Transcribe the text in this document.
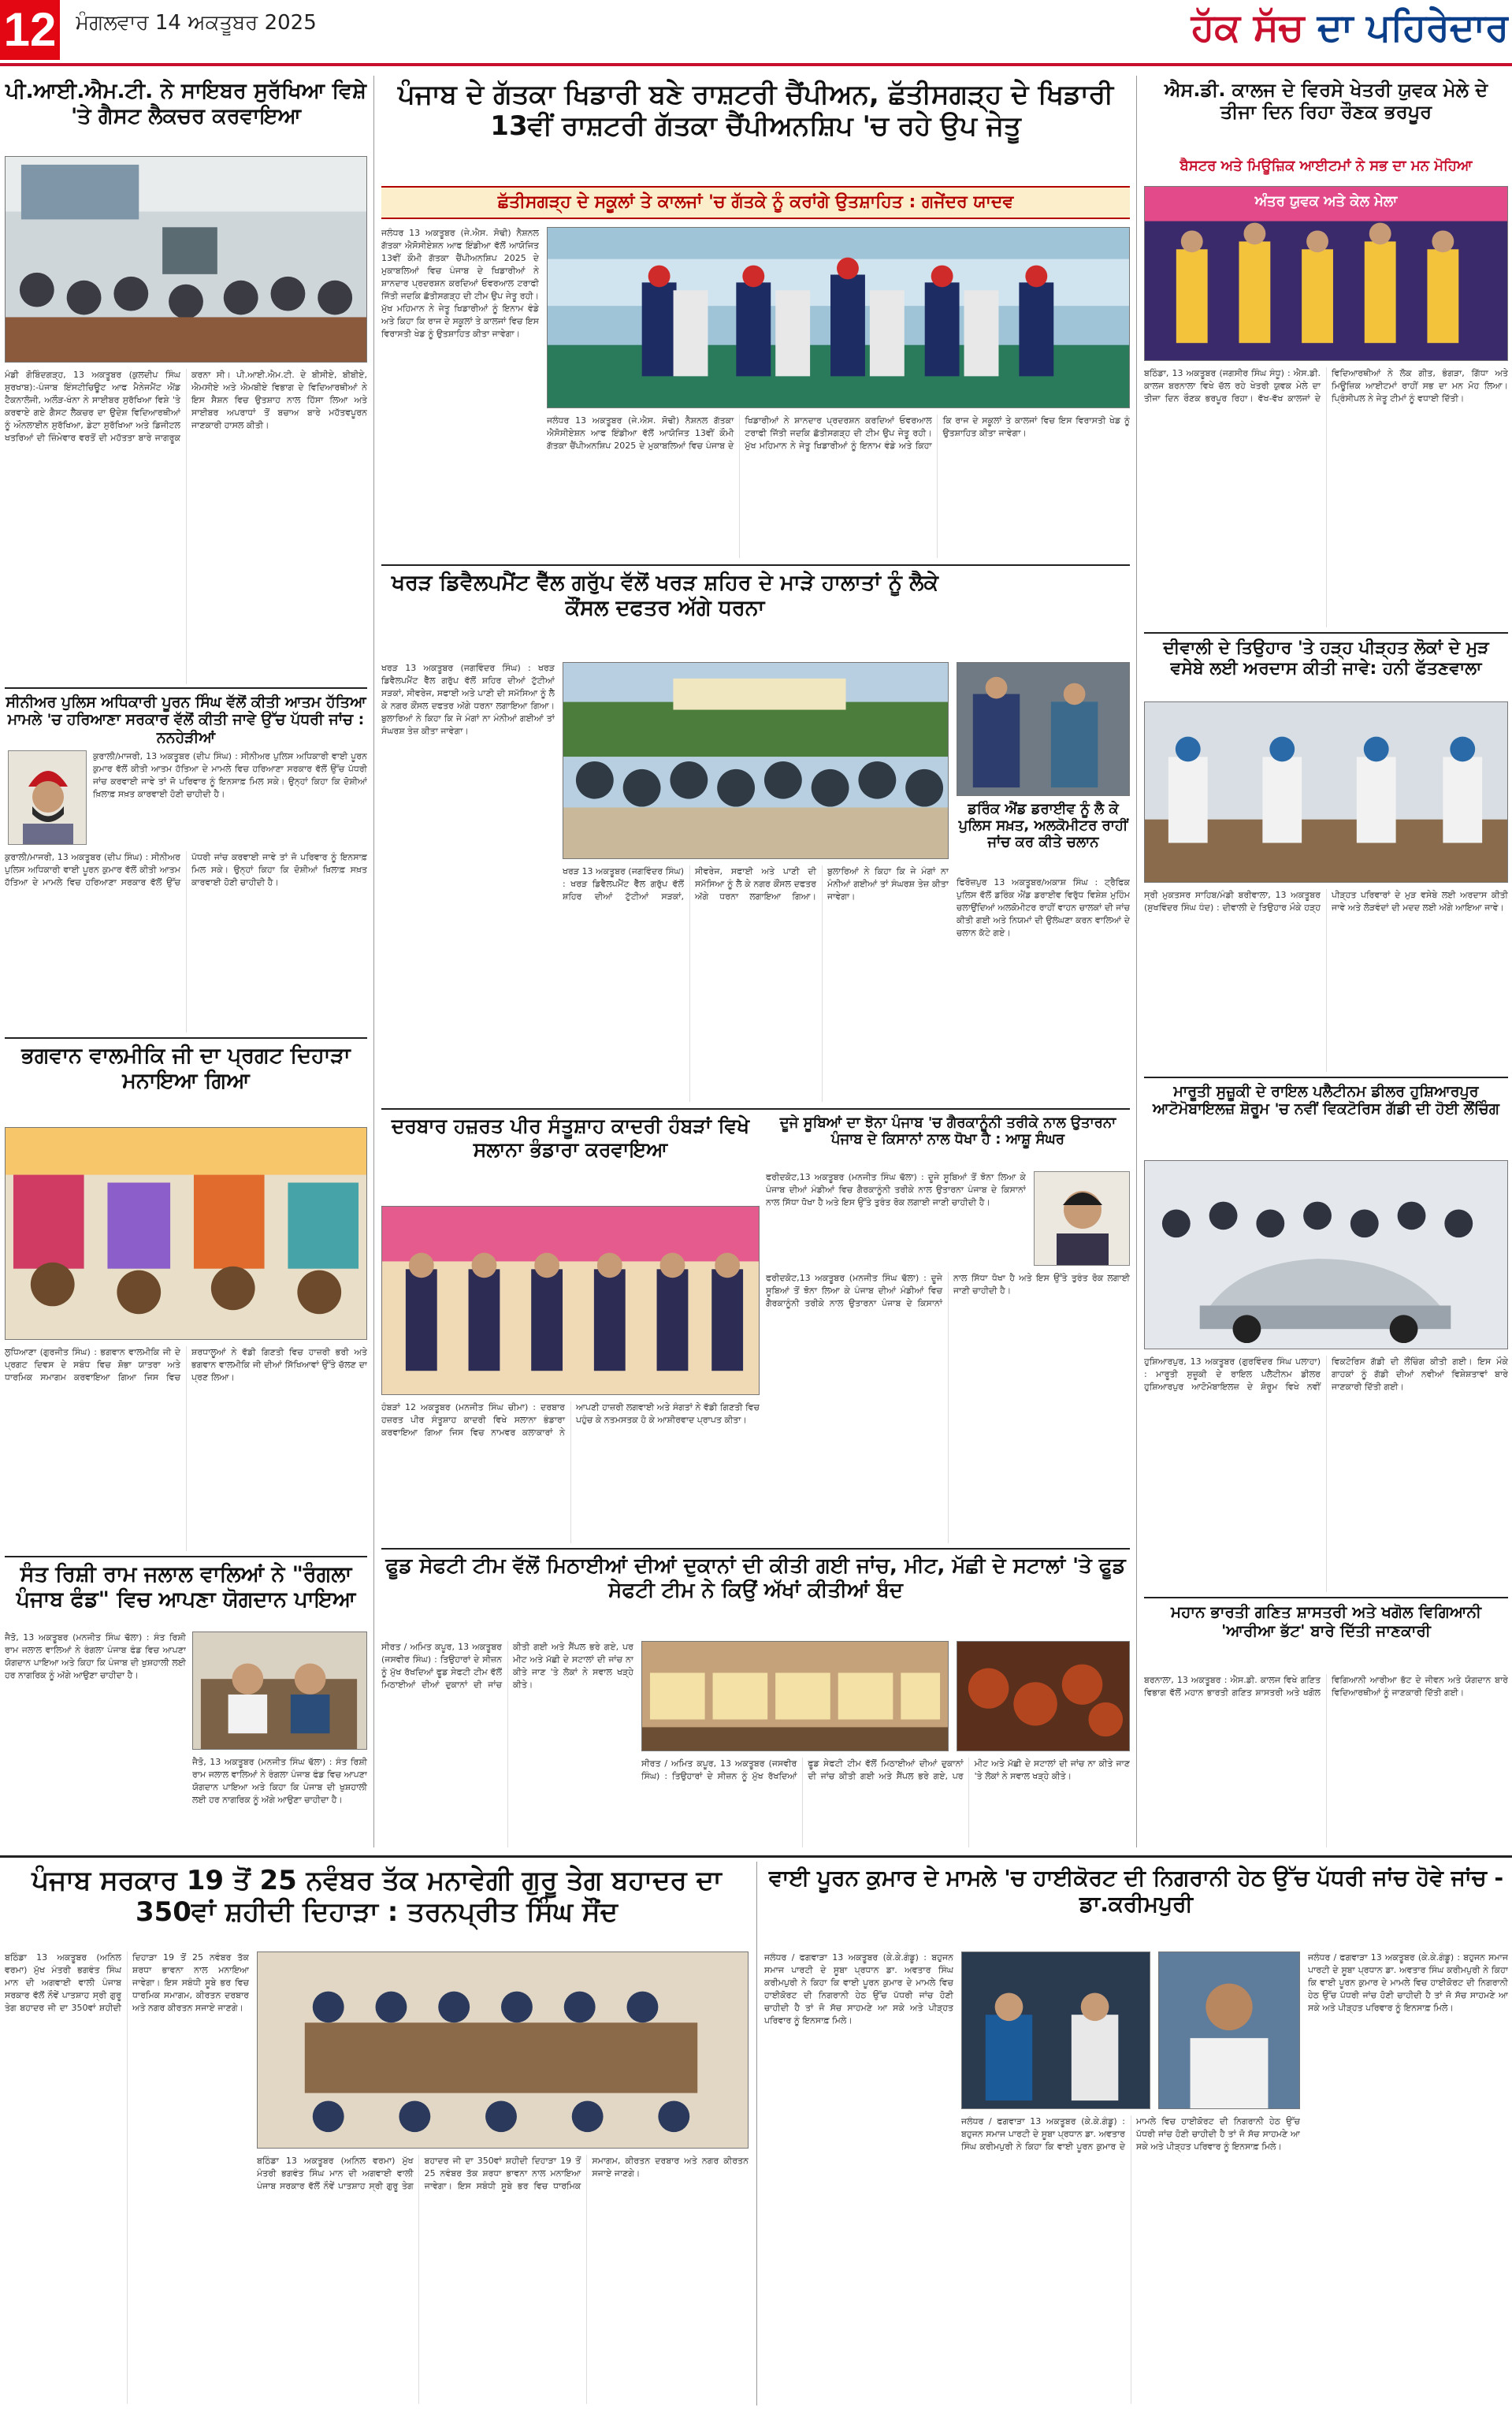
12 ਮੰਗਲਵਾਰ 14 ਅਕਤੂਬਰ 2025	ਹੱਕ ਸੱਚ ਦਾ ਪਹਿਰੇਦਾਰ
ਪੀ.ਆਈ.ਐਮ.ਟੀ. ਨੇ ਸਾਇਬਰ ਸੁਰੱਖਿਆ ਵਿਸ਼ੇ 'ਤੇ ਗੈਸਟ ਲੈਕਚਰ ਕਰਵਾਇਆ
ਮੰਡੀ ਗੋਬਿੰਦਗੜ੍ਹ, 13 ਅਕਤੂਬਰ (ਕੁਲਦੀਪ ਸਿੰਘ ਸੁਰਖਾਬ):-ਪੰਜਾਬ ਇੰਸਟੀਚਿਊਟ ਆਫ ਮੈਨੇਜਮੈਂਟ ਐਂਡ ਟੈਕਨਾਲੋਜੀ, ਅਲੌੜ-ਖੰਨਾ ਨੇ ਸਾਈਬਰ ਸੁਰੱਖਿਆ ਵਿਸ਼ੇ 'ਤੇ ਕਰਵਾਏ ਗਏ ਗੈਸਟ ਲੈਕਚਰ ਦਾ ਉਦੇਸ਼ ਵਿਦਿਆਰਥੀਆਂ ਨੂੰ ਔਨਲਾਈਨ ਸੁਰੱਖਿਆ, ਡੇਟਾ ਸੁਰੱਖਿਆ ਅਤੇ ਡਿਜੀਟਲ ਖਤਰਿਆਂ ਦੀ ਜ਼ਿੰਮੇਵਾਰ ਵਰਤੋਂ ਦੀ ਮਹੱਤਤਾ ਬਾਰੇ ਜਾਗਰੂਕ ਕਰਨਾ ਸੀ। ਪੀ.ਆਈ.ਐਮ.ਟੀ. ਦੇ ਬੀਸੀਏ, ਬੀਬੀਏ, ਐਮਸੀਏ ਅਤੇ ਐਮਬੀਏ ਵਿਭਾਗ ਦੇ ਵਿਦਿਆਰਥੀਆਂ ਨੇ ਇਸ ਸੈਸ਼ਨ ਵਿਚ ਉਤਸ਼ਾਹ ਨਾਲ ਹਿੱਸਾ ਲਿਆ ਅਤੇ ਸਾਈਬਰ ਅਪਰਾਧਾਂ ਤੋਂ ਬਚਾਅ ਬਾਰੇ ਮਹੱਤਵਪੂਰਨ ਜਾਣਕਾਰੀ ਹਾਸਲ ਕੀਤੀ।
ਸੀਨੀਅਰ ਪੁਲਿਸ ਅਧਿਕਾਰੀ ਪੂਰਨ ਸਿੰਘ ਵੱਲੋਂ ਕੀਤੀ ਆਤਮ ਹੱਤਿਆ ਮਾਮਲੇ 'ਚ ਹਰਿਆਣਾ ਸਰਕਾਰ ਵੱਲੋਂ ਕੀਤੀ ਜਾਵੇ ਉੱਚ ਪੱਧਰੀ ਜਾਂਚ : ਨਨਹੇੜੀਆਂ
ਕੁਰਾਲੀ/ਮਾਜਰੀ, 13 ਅਕਤੂਬਰ (ਦੀਪ ਸਿੰਘ) : ਸੀਨੀਅਰ ਪੁਲਿਸ ਅਧਿਕਾਰੀ ਵਾਈ ਪੂਰਨ ਕੁਮਾਰ ਵੱਲੋਂ ਕੀਤੀ ਆਤਮ ਹੱਤਿਆ ਦੇ ਮਾਮਲੇ ਵਿਚ ਹਰਿਆਣਾ ਸਰਕਾਰ ਵੱਲੋਂ ਉੱਚ ਪੱਧਰੀ ਜਾਂਚ ਕਰਵਾਈ ਜਾਵੇ ਤਾਂ ਜੋ ਪਰਿਵਾਰ ਨੂੰ ਇਨਸਾਫ਼ ਮਿਲ ਸਕੇ। ਉਨ੍ਹਾਂ ਕਿਹਾ ਕਿ ਦੋਸ਼ੀਆਂ ਖ਼ਿਲਾਫ਼ ਸਖ਼ਤ ਕਾਰਵਾਈ ਹੋਣੀ ਚਾਹੀਦੀ ਹੈ।
ਕੁਰਾਲੀ/ਮਾਜਰੀ, 13 ਅਕਤੂਬਰ (ਦੀਪ ਸਿੰਘ) : ਸੀਨੀਅਰ ਪੁਲਿਸ ਅਧਿਕਾਰੀ ਵਾਈ ਪੂਰਨ ਕੁਮਾਰ ਵੱਲੋਂ ਕੀਤੀ ਆਤਮ ਹੱਤਿਆ ਦੇ ਮਾਮਲੇ ਵਿਚ ਹਰਿਆਣਾ ਸਰਕਾਰ ਵੱਲੋਂ ਉੱਚ ਪੱਧਰੀ ਜਾਂਚ ਕਰਵਾਈ ਜਾਵੇ ਤਾਂ ਜੋ ਪਰਿਵਾਰ ਨੂੰ ਇਨਸਾਫ਼ ਮਿਲ ਸਕੇ। ਉਨ੍ਹਾਂ ਕਿਹਾ ਕਿ ਦੋਸ਼ੀਆਂ ਖ਼ਿਲਾਫ਼ ਸਖ਼ਤ ਕਾਰਵਾਈ ਹੋਣੀ ਚਾਹੀਦੀ ਹੈ।
ਭਗਵਾਨ ਵਾਲਮੀਕਿ ਜੀ ਦਾ ਪ੍ਰਗਟ ਦਿਹਾੜਾ ਮਨਾਇਆ ਗਿਆ
ਲੁਧਿਆਣਾ (ਗੁਰਜੀਤ ਸਿੰਘ) : ਭਗਵਾਨ ਵਾਲਮੀਕਿ ਜੀ ਦੇ ਪ੍ਰਗਟ ਦਿਵਸ ਦੇ ਸਬੰਧ ਵਿਚ ਸ਼ੋਭਾ ਯਾਤਰਾ ਅਤੇ ਧਾਰਮਿਕ ਸਮਾਗਮ ਕਰਵਾਇਆ ਗਿਆ ਜਿਸ ਵਿਚ ਸ਼ਰਧਾਲੂਆਂ ਨੇ ਵੱਡੀ ਗਿਣਤੀ ਵਿਚ ਹਾਜ਼ਰੀ ਭਰੀ ਅਤੇ ਭਗਵਾਨ ਵਾਲਮੀਕਿ ਜੀ ਦੀਆਂ ਸਿੱਖਿਆਵਾਂ ਉੱਤੇ ਚੱਲਣ ਦਾ ਪ੍ਰਣ ਲਿਆ।
ਸੰਤ ਰਿਸ਼ੀ ਰਾਮ ਜਲਾਲ ਵਾਲਿਆਂ ਨੇ "ਰੰਗਲਾ ਪੰਜਾਬ ਫੰਡ" ਵਿਚ ਆਪਣਾ ਯੋਗਦਾਨ ਪਾਇਆ
ਜੈਤੋ, 13 ਅਕਤੂਬਰ (ਮਨਜੀਤ ਸਿੰਘ ਢੱਲਾ) : ਸੰਤ ਰਿਸ਼ੀ ਰਾਮ ਜਲਾਲ ਵਾਲਿਆਂ ਨੇ ਰੰਗਲਾ ਪੰਜਾਬ ਫੰਡ ਵਿਚ ਆਪਣਾ ਯੋਗਦਾਨ ਪਾਇਆ ਅਤੇ ਕਿਹਾ ਕਿ ਪੰਜਾਬ ਦੀ ਖੁਸ਼ਹਾਲੀ ਲਈ ਹਰ ਨਾਗਰਿਕ ਨੂੰ ਅੱਗੇ ਆਉਣਾ ਚਾਹੀਦਾ ਹੈ।
ਜੈਤੋ, 13 ਅਕਤੂਬਰ (ਮਨਜੀਤ ਸਿੰਘ ਢੱਲਾ) : ਸੰਤ ਰਿਸ਼ੀ ਰਾਮ ਜਲਾਲ ਵਾਲਿਆਂ ਨੇ ਰੰਗਲਾ ਪੰਜਾਬ ਫੰਡ ਵਿਚ ਆਪਣਾ ਯੋਗਦਾਨ ਪਾਇਆ ਅਤੇ ਕਿਹਾ ਕਿ ਪੰਜਾਬ ਦੀ ਖੁਸ਼ਹਾਲੀ ਲਈ ਹਰ ਨਾਗਰਿਕ ਨੂੰ ਅੱਗੇ ਆਉਣਾ ਚਾਹੀਦਾ ਹੈ।
ਪੰਜਾਬ ਦੇ ਗੱਤਕਾ ਖਿਡਾਰੀ ਬਣੇ ਰਾਸ਼ਟਰੀ ਚੈਂਪੀਅਨ, ਛੱਤੀਸਗੜ੍ਹ ਦੇ ਖਿਡਾਰੀ 13ਵੀਂ ਰਾਸ਼ਟਰੀ ਗੱਤਕਾ ਚੈਂਪੀਅਨਸ਼ਿਪ 'ਚ ਰਹੇ ਉਪ ਜੇਤੂ
ਛੱਤੀਸਗੜ੍ਹ ਦੇ ਸਕੂਲਾਂ ਤੇ ਕਾਲਜਾਂ 'ਚ ਗੱਤਕੇ ਨੂੰ ਕਰਾਂਗੇ ਉਤਸ਼ਾਹਿਤ : ਗਜੇਂਦਰ ਯਾਦਵ
ਜਲੰਧਰ 13 ਅਕਤੂਬਰ (ਜੇ.ਐਸ. ਸੋਢੀ) ਨੈਸ਼ਨਲ ਗੱਤਕਾ ਐਸੋਸੀਏਸ਼ਨ ਆਫ ਇੰਡੀਆ ਵੱਲੋਂ ਆਯੋਜਿਤ 13ਵੀਂ ਕੌਮੀ ਗੱਤਕਾ ਚੈਂਪੀਅਨਸ਼ਿਪ 2025 ਦੇ ਮੁਕਾਬਲਿਆਂ ਵਿਚ ਪੰਜਾਬ ਦੇ ਖਿਡਾਰੀਆਂ ਨੇ ਸ਼ਾਨਦਾਰ ਪ੍ਰਦਰਸ਼ਨ ਕਰਦਿਆਂ ਓਵਰਆਲ ਟਰਾਫੀ ਜਿੱਤੀ ਜਦਕਿ ਛੱਤੀਸਗੜ੍ਹ ਦੀ ਟੀਮ ਉਪ ਜੇਤੂ ਰਹੀ। ਮੁੱਖ ਮਹਿਮਾਨ ਨੇ ਜੇਤੂ ਖਿਡਾਰੀਆਂ ਨੂੰ ਇਨਾਮ ਵੰਡੇ ਅਤੇ ਕਿਹਾ ਕਿ ਰਾਜ ਦੇ ਸਕੂਲਾਂ ਤੇ ਕਾਲਜਾਂ ਵਿਚ ਇਸ ਵਿਰਾਸਤੀ ਖੇਡ ਨੂੰ ਉਤਸ਼ਾਹਿਤ ਕੀਤਾ ਜਾਵੇਗਾ।
ਜਲੰਧਰ 13 ਅਕਤੂਬਰ (ਜੇ.ਐਸ. ਸੋਢੀ) ਨੈਸ਼ਨਲ ਗੱਤਕਾ ਐਸੋਸੀਏਸ਼ਨ ਆਫ ਇੰਡੀਆ ਵੱਲੋਂ ਆਯੋਜਿਤ 13ਵੀਂ ਕੌਮੀ ਗੱਤਕਾ ਚੈਂਪੀਅਨਸ਼ਿਪ 2025 ਦੇ ਮੁਕਾਬਲਿਆਂ ਵਿਚ ਪੰਜਾਬ ਦੇ ਖਿਡਾਰੀਆਂ ਨੇ ਸ਼ਾਨਦਾਰ ਪ੍ਰਦਰਸ਼ਨ ਕਰਦਿਆਂ ਓਵਰਆਲ ਟਰਾਫੀ ਜਿੱਤੀ ਜਦਕਿ ਛੱਤੀਸਗੜ੍ਹ ਦੀ ਟੀਮ ਉਪ ਜੇਤੂ ਰਹੀ। ਮੁੱਖ ਮਹਿਮਾਨ ਨੇ ਜੇਤੂ ਖਿਡਾਰੀਆਂ ਨੂੰ ਇਨਾਮ ਵੰਡੇ ਅਤੇ ਕਿਹਾ ਕਿ ਰਾਜ ਦੇ ਸਕੂਲਾਂ ਤੇ ਕਾਲਜਾਂ ਵਿਚ ਇਸ ਵਿਰਾਸਤੀ ਖੇਡ ਨੂੰ ਉਤਸ਼ਾਹਿਤ ਕੀਤਾ ਜਾਵੇਗਾ।
ਖਰੜ ਡਿਵੈਲਪਮੈਂਟ ਵੈੱਲ ਗਰੁੱਪ ਵੱਲੋਂ ਖਰੜ ਸ਼ਹਿਰ ਦੇ ਮਾੜੇ ਹਾਲਾਤਾਂ ਨੂੰ ਲੈਕੇ ਕੌਂਸਲ ਦਫਤਰ ਅੱਗੇ ਧਰਨਾ
ਖਰੜ 13 ਅਕਤੂਬਰ (ਜਗਵਿੰਦਰ ਸਿੰਘ) : ਖਰੜ ਡਿਵੈਲਪਮੈਂਟ ਵੈੱਲ ਗਰੁੱਪ ਵੱਲੋਂ ਸ਼ਹਿਰ ਦੀਆਂ ਟੁੱਟੀਆਂ ਸੜਕਾਂ, ਸੀਵਰੇਜ, ਸਫਾਈ ਅਤੇ ਪਾਣੀ ਦੀ ਸਮੱਸਿਆ ਨੂੰ ਲੈ ਕੇ ਨਗਰ ਕੌਂਸਲ ਦਫਤਰ ਅੱਗੇ ਧਰਨਾ ਲਗਾਇਆ ਗਿਆ। ਬੁਲਾਰਿਆਂ ਨੇ ਕਿਹਾ ਕਿ ਜੇ ਮੰਗਾਂ ਨਾ ਮੰਨੀਆਂ ਗਈਆਂ ਤਾਂ ਸੰਘਰਸ਼ ਤੇਜ਼ ਕੀਤਾ ਜਾਵੇਗਾ।
ਖਰੜ 13 ਅਕਤੂਬਰ (ਜਗਵਿੰਦਰ ਸਿੰਘ) : ਖਰੜ ਡਿਵੈਲਪਮੈਂਟ ਵੈੱਲ ਗਰੁੱਪ ਵੱਲੋਂ ਸ਼ਹਿਰ ਦੀਆਂ ਟੁੱਟੀਆਂ ਸੜਕਾਂ, ਸੀਵਰੇਜ, ਸਫਾਈ ਅਤੇ ਪਾਣੀ ਦੀ ਸਮੱਸਿਆ ਨੂੰ ਲੈ ਕੇ ਨਗਰ ਕੌਂਸਲ ਦਫਤਰ ਅੱਗੇ ਧਰਨਾ ਲਗਾਇਆ ਗਿਆ। ਬੁਲਾਰਿਆਂ ਨੇ ਕਿਹਾ ਕਿ ਜੇ ਮੰਗਾਂ ਨਾ ਮੰਨੀਆਂ ਗਈਆਂ ਤਾਂ ਸੰਘਰਸ਼ ਤੇਜ਼ ਕੀਤਾ ਜਾਵੇਗਾ।
ਡਰਿੰਕ ਐਂਡ ਡਰਾਈਵ ਨੂੰ ਲੈ ਕੇ ਪੁਲਿਸ ਸਖ਼ਤ, ਅਲਕੋਮੀਟਰ ਰਾਹੀਂ ਜਾਂਚ ਕਰ ਕੀਤੇ ਚਲਾਨ
ਫਿਰੋਜ਼ਪੁਰ 13 ਅਕਤੂਬਰ/ਅਕਾਸ਼ ਸਿੰਘ : ਟ੍ਰੈਫਿਕ ਪੁਲਿਸ ਵੱਲੋਂ ਡਰਿੰਕ ਐਂਡ ਡਰਾਈਵ ਵਿਰੁੱਧ ਵਿਸ਼ੇਸ਼ ਮੁਹਿੰਮ ਚਲਾਉਂਦਿਆਂ ਅਲਕੋਮੀਟਰ ਰਾਹੀਂ ਵਾਹਨ ਚਾਲਕਾਂ ਦੀ ਜਾਂਚ ਕੀਤੀ ਗਈ ਅਤੇ ਨਿਯਮਾਂ ਦੀ ਉਲੰਘਣਾ ਕਰਨ ਵਾਲਿਆਂ ਦੇ ਚਲਾਨ ਕੱਟੇ ਗਏ।
ਦਰਬਾਰ ਹਜ਼ਰਤ ਪੀਰ ਸੰਤੂਸ਼ਾਹ ਕਾਦਰੀ ਹੰਬੜਾਂ ਵਿਖੇ ਸਲਾਨਾ ਭੰਡਾਰਾ ਕਰਵਾਇਆ
ਹੰਬੜਾਂ 12 ਅਕਤੂਬਰ (ਮਨਜੀਤ ਸਿੰਘ ਚੀਮਾ) : ਦਰਬਾਰ ਹਜ਼ਰਤ ਪੀਰ ਸੰਤੂਸ਼ਾਹ ਕਾਦਰੀ ਵਿਖੇ ਸਲਾਨਾ ਭੰਡਾਰਾ ਕਰਵਾਇਆ ਗਿਆ ਜਿਸ ਵਿਚ ਨਾਮਵਰ ਕਲਾਕਾਰਾਂ ਨੇ ਆਪਣੀ ਹਾਜ਼ਰੀ ਲਗਵਾਈ ਅਤੇ ਸੰਗਤਾਂ ਨੇ ਵੱਡੀ ਗਿਣਤੀ ਵਿਚ ਪਹੁੰਚ ਕੇ ਨਤਮਸਤਕ ਹੋ ਕੇ ਆਸ਼ੀਰਵਾਦ ਪ੍ਰਾਪਤ ਕੀਤਾ।
ਦੂਜੇ ਸੂਬਿਆਂ ਦਾ ਝੋਨਾ ਪੰਜਾਬ 'ਚ ਗੈਰਕਾਨੂੰਨੀ ਤਰੀਕੇ ਨਾਲ ਉਤਾਰਨਾ ਪੰਜਾਬ ਦੇ ਕਿਸਾਨਾਂ ਨਾਲ ਧੋਖਾ ਹੈ : ਆਸ਼ੂ ਸੰਘਰ
ਫਰੀਦਕੋਟ,13 ਅਕਤੂਬਰ (ਮਨਜੀਤ ਸਿੰਘ ਢੱਲਾ) : ਦੂਜੇ ਸੂਬਿਆਂ ਤੋਂ ਝੋਨਾ ਲਿਆ ਕੇ ਪੰਜਾਬ ਦੀਆਂ ਮੰਡੀਆਂ ਵਿਚ ਗੈਰਕਾਨੂੰਨੀ ਤਰੀਕੇ ਨਾਲ ਉਤਾਰਨਾ ਪੰਜਾਬ ਦੇ ਕਿਸਾਨਾਂ ਨਾਲ ਸਿੱਧਾ ਧੋਖਾ ਹੈ ਅਤੇ ਇਸ ਉੱਤੇ ਤੁਰੰਤ ਰੋਕ ਲਗਾਈ ਜਾਣੀ ਚਾਹੀਦੀ ਹੈ।
ਫਰੀਦਕੋਟ,13 ਅਕਤੂਬਰ (ਮਨਜੀਤ ਸਿੰਘ ਢੱਲਾ) : ਦੂਜੇ ਸੂਬਿਆਂ ਤੋਂ ਝੋਨਾ ਲਿਆ ਕੇ ਪੰਜਾਬ ਦੀਆਂ ਮੰਡੀਆਂ ਵਿਚ ਗੈਰਕਾਨੂੰਨੀ ਤਰੀਕੇ ਨਾਲ ਉਤਾਰਨਾ ਪੰਜਾਬ ਦੇ ਕਿਸਾਨਾਂ ਨਾਲ ਸਿੱਧਾ ਧੋਖਾ ਹੈ ਅਤੇ ਇਸ ਉੱਤੇ ਤੁਰੰਤ ਰੋਕ ਲਗਾਈ ਜਾਣੀ ਚਾਹੀਦੀ ਹੈ।
ਫੂਡ ਸੇਫਟੀ ਟੀਮ ਵੱਲੋਂ ਮਿਠਾਈਆਂ ਦੀਆਂ ਦੁਕਾਨਾਂ ਦੀ ਕੀਤੀ ਗਈ ਜਾਂਚ, ਮੀਟ, ਮੱਛੀ ਦੇ ਸਟਾਲਾਂ 'ਤੇ ਫੂਡ ਸੇਫਟੀ ਟੀਮ ਨੇ ਕਿਉਂ ਅੱਖਾਂ ਕੀਤੀਆਂ ਬੰਦ
ਸੀਰਤ / ਅਮਿਤ ਕਪੂਰ, 13 ਅਕਤੂਬਰ (ਜਸਵੀਰ ਸਿੰਘ) : ਤਿਉਹਾਰਾਂ ਦੇ ਸੀਜ਼ਨ ਨੂੰ ਮੁੱਖ ਰੱਖਦਿਆਂ ਫੂਡ ਸੇਫਟੀ ਟੀਮ ਵੱਲੋਂ ਮਿਠਾਈਆਂ ਦੀਆਂ ਦੁਕਾਨਾਂ ਦੀ ਜਾਂਚ ਕੀਤੀ ਗਈ ਅਤੇ ਸੈਂਪਲ ਭਰੇ ਗਏ, ਪਰ ਮੀਟ ਅਤੇ ਮੱਛੀ ਦੇ ਸਟਾਲਾਂ ਦੀ ਜਾਂਚ ਨਾ ਕੀਤੇ ਜਾਣ 'ਤੇ ਲੋਕਾਂ ਨੇ ਸਵਾਲ ਖੜ੍ਹੇ ਕੀਤੇ।
ਸੀਰਤ / ਅਮਿਤ ਕਪੂਰ, 13 ਅਕਤੂਬਰ (ਜਸਵੀਰ ਸਿੰਘ) : ਤਿਉਹਾਰਾਂ ਦੇ ਸੀਜ਼ਨ ਨੂੰ ਮੁੱਖ ਰੱਖਦਿਆਂ ਫੂਡ ਸੇਫਟੀ ਟੀਮ ਵੱਲੋਂ ਮਿਠਾਈਆਂ ਦੀਆਂ ਦੁਕਾਨਾਂ ਦੀ ਜਾਂਚ ਕੀਤੀ ਗਈ ਅਤੇ ਸੈਂਪਲ ਭਰੇ ਗਏ, ਪਰ ਮੀਟ ਅਤੇ ਮੱਛੀ ਦੇ ਸਟਾਲਾਂ ਦੀ ਜਾਂਚ ਨਾ ਕੀਤੇ ਜਾਣ 'ਤੇ ਲੋਕਾਂ ਨੇ ਸਵਾਲ ਖੜ੍ਹੇ ਕੀਤੇ।
ਐਸ.ਡੀ. ਕਾਲਜ ਦੇ ਵਿਰਸੇ ਖੇਤਰੀ ਯੁਵਕ ਮੇਲੇ ਦੇ ਤੀਜਾ ਦਿਨ ਰਿਹਾ ਰੌਣਕ ਭਰਪੂਰ
ਬੈਸਟਰ ਅਤੇ ਮਿਊਜ਼ਿਕ ਆਈਟਮਾਂ ਨੇ ਸਭ ਦਾ ਮਨ ਮੋਹਿਆ
ਅੰਤਰ ਯੁਵਕ ਅਤੇ ਕੇਲ ਮੇਲਾ
ਬਠਿੰਡਾ, 13 ਅਕਤੂਬਰ (ਜਗਸੀਰ ਸਿੰਘ ਸੰਧੂ) : ਐਸ.ਡੀ. ਕਾਲਜ ਬਰਨਾਲਾ ਵਿਖੇ ਚੱਲ ਰਹੇ ਖੇਤਰੀ ਯੁਵਕ ਮੇਲੇ ਦਾ ਤੀਜਾ ਦਿਨ ਰੌਣਕ ਭਰਪੂਰ ਰਿਹਾ। ਵੱਖ-ਵੱਖ ਕਾਲਜਾਂ ਦੇ ਵਿਦਿਆਰਥੀਆਂ ਨੇ ਲੋਕ ਗੀਤ, ਭੰਗੜਾ, ਗਿੱਧਾ ਅਤੇ ਮਿਊਜ਼ਿਕ ਆਈਟਮਾਂ ਰਾਹੀਂ ਸਭ ਦਾ ਮਨ ਮੋਹ ਲਿਆ। ਪ੍ਰਿੰਸੀਪਲ ਨੇ ਜੇਤੂ ਟੀਮਾਂ ਨੂੰ ਵਧਾਈ ਦਿੱਤੀ।
ਦੀਵਾਲੀ ਦੇ ਤਿਉਹਾਰ 'ਤੇ ਹੜ੍ਹ ਪੀੜ੍ਹਤ ਲੋਕਾਂ ਦੇ ਮੁੜ ਵਸੇਬੇ ਲਈ ਅਰਦਾਸ ਕੀਤੀ ਜਾਵੇ: ਹਨੀ ਫੱਤਣਵਾਲਾ
ਸ੍ਰੀ ਮੁਕਤਸਰ ਸਾਹਿਬ/ਮੰਡੀ ਬਰੀਵਾਲਾ, 13 ਅਕਤੂਬਰ (ਸੁਖਵਿੰਦਰ ਸਿੰਘ ਧੰਦ) : ਦੀਵਾਲੀ ਦੇ ਤਿਉਹਾਰ ਮੌਕੇ ਹੜ੍ਹ ਪੀੜ੍ਹਤ ਪਰਿਵਾਰਾਂ ਦੇ ਮੁੜ ਵਸੇਬੇ ਲਈ ਅਰਦਾਸ ਕੀਤੀ ਜਾਵੇ ਅਤੇ ਲੋੜਵੰਦਾਂ ਦੀ ਮਦਦ ਲਈ ਅੱਗੇ ਆਇਆ ਜਾਵੇ।
ਮਾਰੂਤੀ ਸੁਜ਼ੂਕੀ ਦੇ ਰਾਇਲ ਪਲੈਟੀਨਮ ਡੀਲਰ ਹੁਸ਼ਿਆਰਪੁਰ ਆਟੋਮੋਬਾਇਲਜ਼ ਸ਼ੋਰੂਮ 'ਚ ਨਵੀਂ ਵਿਕਟੋਰਿਸ ਗੱਡੀ ਦੀ ਹੋਈ ਲੌਂਚਿੰਗ
ਹੁਸ਼ਿਆਰਪੁਰ, 13 ਅਕਤੂਬਰ (ਗੁਰਵਿੰਦਰ ਸਿੰਘ ਪਲਾਹਾ) : ਮਾਰੂਤੀ ਸੁਜ਼ੂਕੀ ਦੇ ਰਾਇਲ ਪਲੈਟੀਨਮ ਡੀਲਰ ਹੁਸ਼ਿਆਰਪੁਰ ਆਟੋਮੋਬਾਇਲਜ਼ ਦੇ ਸ਼ੋਰੂਮ ਵਿਖੇ ਨਵੀਂ ਵਿਕਟੋਰਿਸ ਗੱਡੀ ਦੀ ਲੌਂਚਿੰਗ ਕੀਤੀ ਗਈ। ਇਸ ਮੌਕੇ ਗਾਹਕਾਂ ਨੂੰ ਗੱਡੀ ਦੀਆਂ ਨਵੀਆਂ ਵਿਸ਼ੇਸ਼ਤਾਵਾਂ ਬਾਰੇ ਜਾਣਕਾਰੀ ਦਿੱਤੀ ਗਈ।
ਮਹਾਨ ਭਾਰਤੀ ਗਣਿਤ ਸ਼ਾਸਤਰੀ ਅਤੇ ਖਗੋਲ ਵਿਗਿਆਨੀ 'ਆਰੀਆ ਭੱਟ' ਬਾਰੇ ਦਿੱਤੀ ਜਾਣਕਾਰੀ
ਬਰਨਾਲਾ, 13 ਅਕਤੂਬਰ : ਐਸ.ਡੀ. ਕਾਲਜ ਵਿਖੇ ਗਣਿਤ ਵਿਭਾਗ ਵੱਲੋਂ ਮਹਾਨ ਭਾਰਤੀ ਗਣਿਤ ਸ਼ਾਸਤਰੀ ਅਤੇ ਖਗੋਲ ਵਿਗਿਆਨੀ ਆਰੀਆ ਭੱਟ ਦੇ ਜੀਵਨ ਅਤੇ ਯੋਗਦਾਨ ਬਾਰੇ ਵਿਦਿਆਰਥੀਆਂ ਨੂੰ ਜਾਣਕਾਰੀ ਦਿੱਤੀ ਗਈ।
ਪੰਜਾਬ ਸਰਕਾਰ 19 ਤੋਂ 25 ਨਵੰਬਰ ਤੱਕ ਮਨਾਵੇਗੀ ਗੁਰੂ ਤੇਗ ਬਹਾਦਰ ਦਾ 350ਵਾਂ ਸ਼ਹੀਦੀ ਦਿਹਾੜਾ : ਤਰਨਪ੍ਰੀਤ ਸਿੰਘ ਸੌਂਦ
ਬਠਿੰਡਾ 13 ਅਕਤੂਬਰ (ਅਨਿਲ ਵਰਮਾ) ਮੁੱਖ ਮੰਤਰੀ ਭਗਵੰਤ ਸਿੰਘ ਮਾਨ ਦੀ ਅਗਵਾਈ ਵਾਲੀ ਪੰਜਾਬ ਸਰਕਾਰ ਵੱਲੋਂ ਨੌਵੇਂ ਪਾਤਸ਼ਾਹ ਸ੍ਰੀ ਗੁਰੂ ਤੇਗ ਬਹਾਦਰ ਜੀ ਦਾ 350ਵਾਂ ਸ਼ਹੀਦੀ ਦਿਹਾੜਾ 19 ਤੋਂ 25 ਨਵੰਬਰ ਤੱਕ ਸ਼ਰਧਾ ਭਾਵਨਾ ਨਾਲ ਮਨਾਇਆ ਜਾਵੇਗਾ। ਇਸ ਸਬੰਧੀ ਸੂਬੇ ਭਰ ਵਿਚ ਧਾਰਮਿਕ ਸਮਾਗਮ, ਕੀਰਤਨ ਦਰਬਾਰ ਅਤੇ ਨਗਰ ਕੀਰਤਨ ਸਜਾਏ ਜਾਣਗੇ।
ਬਠਿੰਡਾ 13 ਅਕਤੂਬਰ (ਅਨਿਲ ਵਰਮਾ) ਮੁੱਖ ਮੰਤਰੀ ਭਗਵੰਤ ਸਿੰਘ ਮਾਨ ਦੀ ਅਗਵਾਈ ਵਾਲੀ ਪੰਜਾਬ ਸਰਕਾਰ ਵੱਲੋਂ ਨੌਵੇਂ ਪਾਤਸ਼ਾਹ ਸ੍ਰੀ ਗੁਰੂ ਤੇਗ ਬਹਾਦਰ ਜੀ ਦਾ 350ਵਾਂ ਸ਼ਹੀਦੀ ਦਿਹਾੜਾ 19 ਤੋਂ 25 ਨਵੰਬਰ ਤੱਕ ਸ਼ਰਧਾ ਭਾਵਨਾ ਨਾਲ ਮਨਾਇਆ ਜਾਵੇਗਾ। ਇਸ ਸਬੰਧੀ ਸੂਬੇ ਭਰ ਵਿਚ ਧਾਰਮਿਕ ਸਮਾਗਮ, ਕੀਰਤਨ ਦਰਬਾਰ ਅਤੇ ਨਗਰ ਕੀਰਤਨ ਸਜਾਏ ਜਾਣਗੇ।
ਵਾਈ ਪੂਰਨ ਕੁਮਾਰ ਦੇ ਮਾਮਲੇ 'ਚ ਹਾਈਕੋਰਟ ਦੀ ਨਿਗਰਾਨੀ ਹੇਠ ਉੱਚ ਪੱਧਰੀ ਜਾਂਚ ਹੋਵੇ ਜਾਂਚ - ਡਾ.ਕਰੀਮਪੁਰੀ
ਜਲੰਧਰ / ਫਗਵਾੜਾ 13 ਅਕਤੂਬਰ (ਕੇ.ਕੇ.ਗੰਡੂ) : ਬਹੁਜਨ ਸਮਾਜ ਪਾਰਟੀ ਦੇ ਸੂਬਾ ਪ੍ਰਧਾਨ ਡਾ. ਅਵਤਾਰ ਸਿੰਘ ਕਰੀਮਪੁਰੀ ਨੇ ਕਿਹਾ ਕਿ ਵਾਈ ਪੂਰਨ ਕੁਮਾਰ ਦੇ ਮਾਮਲੇ ਵਿਚ ਹਾਈਕੋਰਟ ਦੀ ਨਿਗਰਾਨੀ ਹੇਠ ਉੱਚ ਪੱਧਰੀ ਜਾਂਚ ਹੋਣੀ ਚਾਹੀਦੀ ਹੈ ਤਾਂ ਜੋ ਸੱਚ ਸਾਹਮਣੇ ਆ ਸਕੇ ਅਤੇ ਪੀੜ੍ਹਤ ਪਰਿਵਾਰ ਨੂੰ ਇਨਸਾਫ਼ ਮਿਲੇ।
ਜਲੰਧਰ / ਫਗਵਾੜਾ 13 ਅਕਤੂਬਰ (ਕੇ.ਕੇ.ਗੰਡੂ) : ਬਹੁਜਨ ਸਮਾਜ ਪਾਰਟੀ ਦੇ ਸੂਬਾ ਪ੍ਰਧਾਨ ਡਾ. ਅਵਤਾਰ ਸਿੰਘ ਕਰੀਮਪੁਰੀ ਨੇ ਕਿਹਾ ਕਿ ਵਾਈ ਪੂਰਨ ਕੁਮਾਰ ਦੇ ਮਾਮਲੇ ਵਿਚ ਹਾਈਕੋਰਟ ਦੀ ਨਿਗਰਾਨੀ ਹੇਠ ਉੱਚ ਪੱਧਰੀ ਜਾਂਚ ਹੋਣੀ ਚਾਹੀਦੀ ਹੈ ਤਾਂ ਜੋ ਸੱਚ ਸਾਹਮਣੇ ਆ ਸਕੇ ਅਤੇ ਪੀੜ੍ਹਤ ਪਰਿਵਾਰ ਨੂੰ ਇਨਸਾਫ਼ ਮਿਲੇ।
ਜਲੰਧਰ / ਫਗਵਾੜਾ 13 ਅਕਤੂਬਰ (ਕੇ.ਕੇ.ਗੰਡੂ) : ਬਹੁਜਨ ਸਮਾਜ ਪਾਰਟੀ ਦੇ ਸੂਬਾ ਪ੍ਰਧਾਨ ਡਾ. ਅਵਤਾਰ ਸਿੰਘ ਕਰੀਮਪੁਰੀ ਨੇ ਕਿਹਾ ਕਿ ਵਾਈ ਪੂਰਨ ਕੁਮਾਰ ਦੇ ਮਾਮਲੇ ਵਿਚ ਹਾਈਕੋਰਟ ਦੀ ਨਿਗਰਾਨੀ ਹੇਠ ਉੱਚ ਪੱਧਰੀ ਜਾਂਚ ਹੋਣੀ ਚਾਹੀਦੀ ਹੈ ਤਾਂ ਜੋ ਸੱਚ ਸਾਹਮਣੇ ਆ ਸਕੇ ਅਤੇ ਪੀੜ੍ਹਤ ਪਰਿਵਾਰ ਨੂੰ ਇਨਸਾਫ਼ ਮਿਲੇ।
